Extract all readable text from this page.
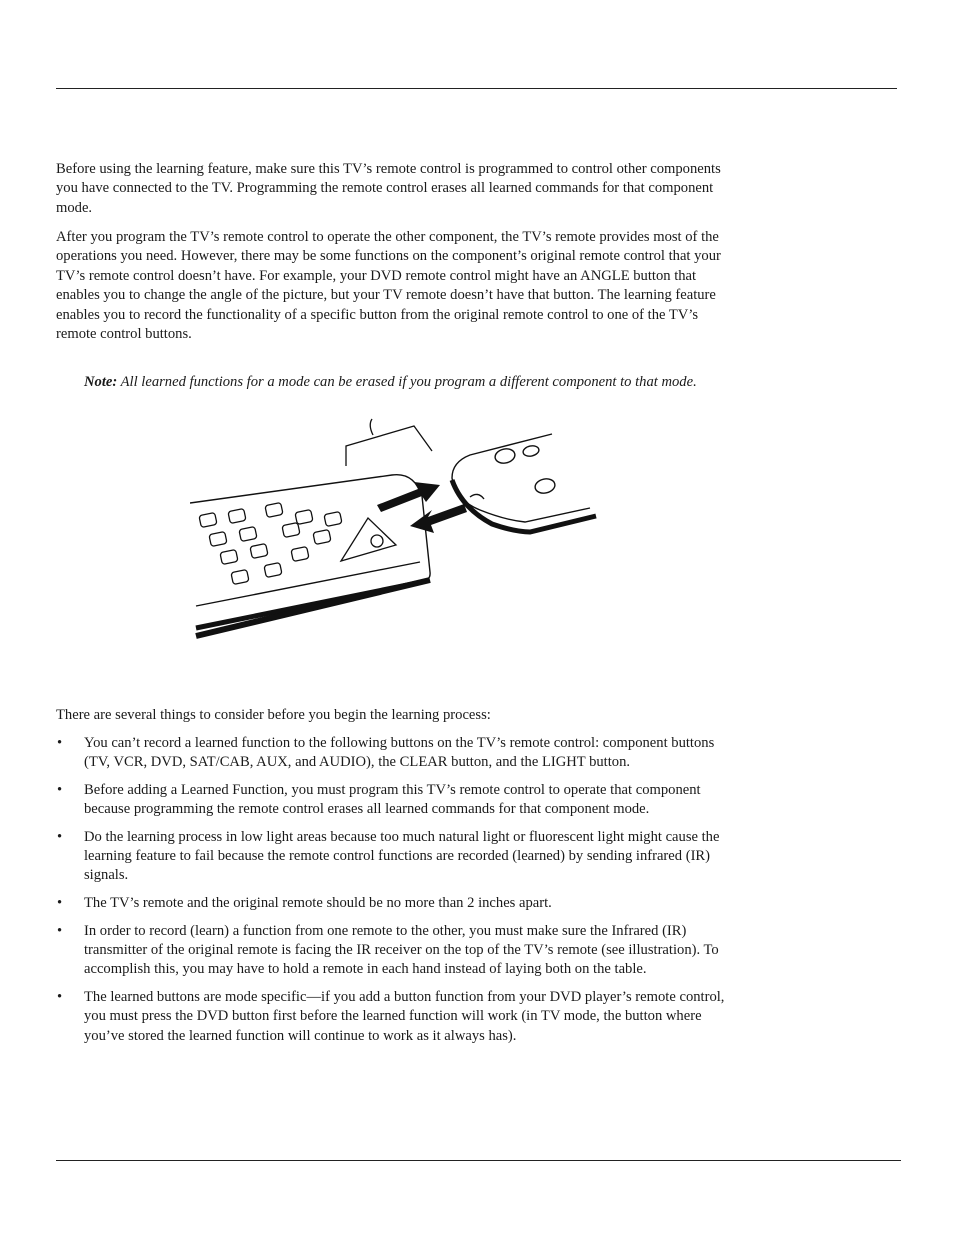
Before using the learning feature, make sure this TV’s remote control is programmed to control other components you have connected to the TV. Programming the remote control erases all learned commands for that component mode.

After you program the TV’s remote control to operate the other component, the TV’s remote provides most of the operations you need. However, there may be some functions on the component’s original remote control that your TV’s remote control doesn’t have. For example, your DVD remote control might have an ANGLE button that enables you to change the angle of the picture, but your TV remote doesn’t have that button. The learning feature enables you to record the functionality of a specific button from the original remote control to one of the TV’s remote control buttons.

Note: All learned functions for a mode can be erased if you program a different component to that mode.

There are several things to consider before you begin the learning process:

• You can’t record a learned function to the following buttons on the TV’s remote control: component buttons (TV, VCR, DVD, SAT/CAB, AUX, and AUDIO), the CLEAR button, and the LIGHT button.
• Before adding a Learned Function, you must program this TV’s remote control to operate that component because programming the remote control erases all learned commands for that component mode.
• Do the learning process in low light areas because too much natural light or fluorescent light might cause the learning feature to fail because the remote control functions are recorded (learned) by sending infrared (IR) signals.
• The TV’s remote and the original remote should be no more than 2 inches apart.
• In order to record (learn) a function from one remote to the other, you must make sure the Infrared (IR) transmitter of the original remote is facing the IR receiver on the top of the TV’s remote (see illustration). To accomplish this, you may have to hold a remote in each hand instead of laying both on the table.
• The learned buttons are mode specific—if you add a button function from your DVD player’s remote control, you must press the DVD button first before the learned function will work (in TV mode, the button where you’ve stored the learned function will continue to work as it always has).
